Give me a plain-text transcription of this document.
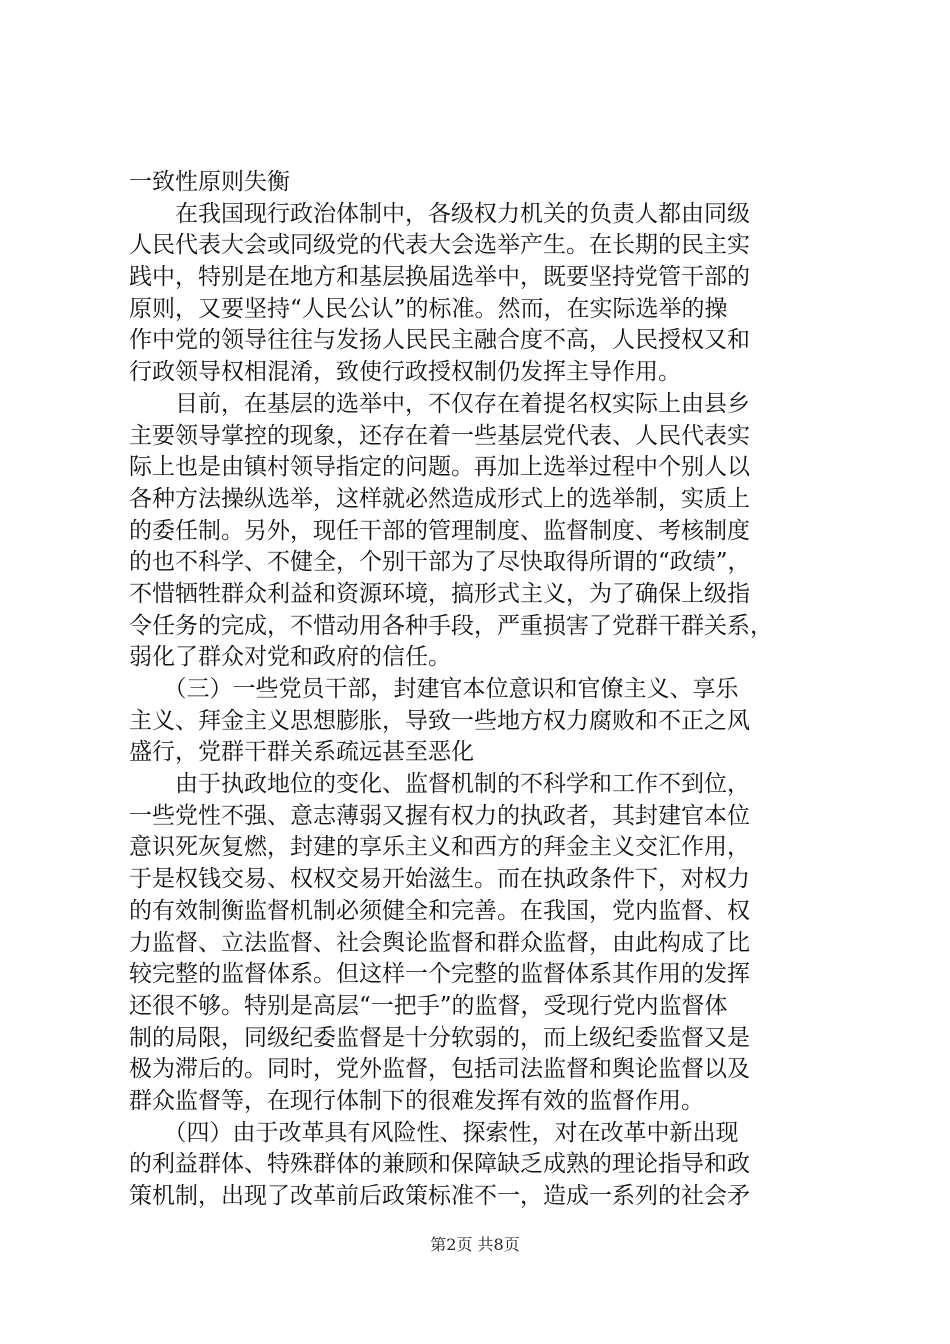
一致性原则失衡
　　在我国现行政治体制中，各级权力机关的负责人都由同级
人民代表大会或同级党的代表大会选举产生。在长期的民主实
践中，特别是在地方和基层换届选举中，既要坚持党管干部的
原则，又要坚持“人民公认”的标准。然而，在实际选举的操
作中党的领导往往与发扬人民民主融合度不高，人民授权又和
行政领导权相混淆，致使行政授权制仍发挥主导作用。
　　目前，在基层的选举中，不仅存在着提名权实际上由县乡
主要领导掌控的现象，还存在着一些基层党代表、人民代表实
际上也是由镇村领导指定的问题。再加上选举过程中个别人以
各种方法操纵选举，这样就必然造成形式上的选举制，实质上
的委任制。另外，现任干部的管理制度、监督制度、考核制度
的也不科学、不健全，个别干部为了尽快取得所谓的“政绩”，
不惜牺牲群众利益和资源环境，搞形式主义，为了确保上级指
令任务的完成，不惜动用各种手段，严重损害了党群干群关系，
弱化了群众对党和政府的信任。
　　（三）一些党员干部，封建官本位意识和官僚主义、享乐
主义、拜金主义思想膨胀，导致一些地方权力腐败和不正之风
盛行，党群干群关系疏远甚至恶化
　　由于执政地位的变化、监督机制的不科学和工作不到位，
一些党性不强、意志薄弱又握有权力的执政者，其封建官本位
意识死灰复燃，封建的享乐主义和西方的拜金主义交汇作用，
于是权钱交易、权权交易开始滋生。而在执政条件下，对权力
的有效制衡监督机制必须健全和完善。在我国，党内监督、权
力监督、立法监督、社会舆论监督和群众监督，由此构成了比
较完整的监督体系。但这样一个完整的监督体系其作用的发挥
还很不够。特别是高层“一把手”的监督，受现行党内监督体
制的局限，同级纪委监督是十分软弱的，而上级纪委监督又是
极为滞后的。同时，党外监督，包括司法监督和舆论监督以及
群众监督等，在现行体制下的很难发挥有效的监督作用。
　　（四）由于改革具有风险性、探索性，对在改革中新出现
的利益群体、特殊群体的兼顾和保障缺乏成熟的理论指导和政
策机制，出现了改革前后政策标准不一，造成一系列的社会矛
第2页 共8页
